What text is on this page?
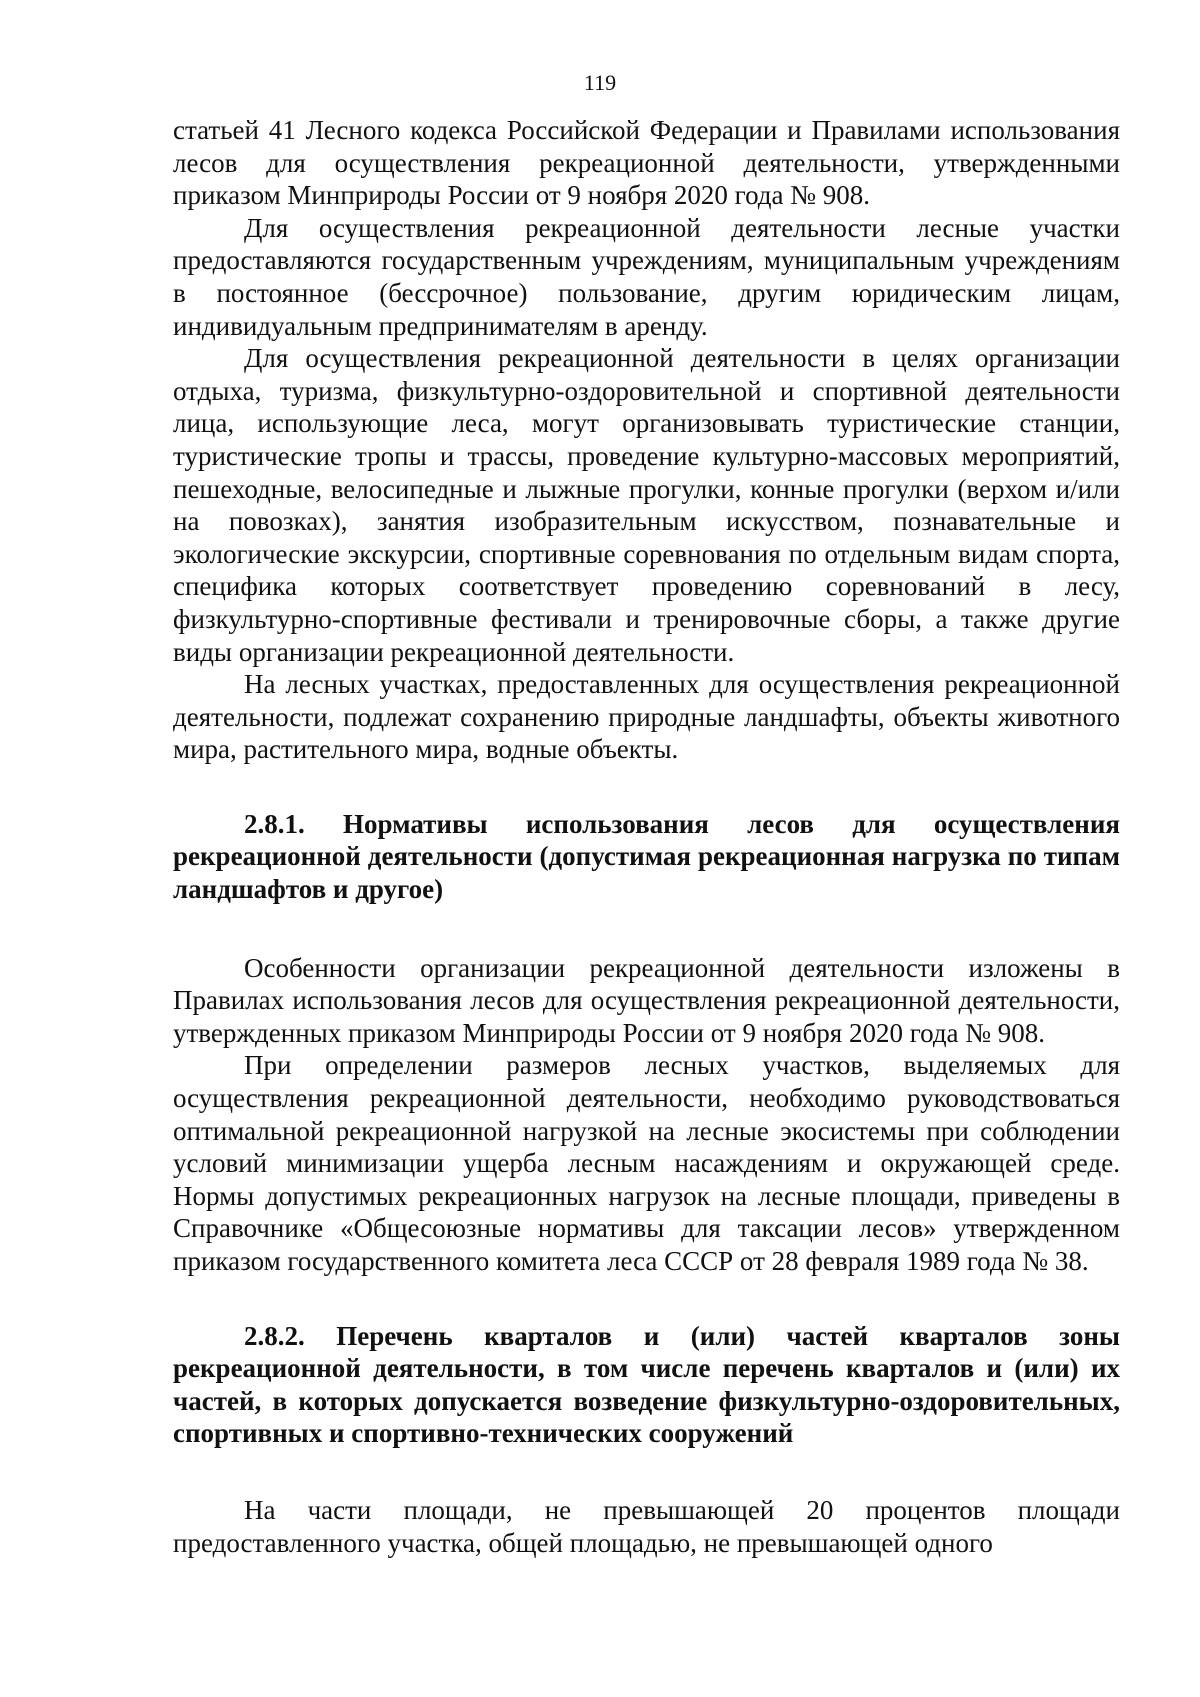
119

статьей 41 Лесного кодекса Российской Федерации и Правилами использования лесов для осуществления рекреационной деятельности, утвержденными приказом Минприроды России от 9 ноября 2020 года № 908.

Для осуществления рекреационной деятельности лесные участки предоставляются государственным учреждениям, муниципальным учреждениям в постоянное (бессрочное) пользование, другим юридическим лицам, индивидуальным предпринимателям в аренду.

Для осуществления рекреационной деятельности в целях организации отдыха, туризма, физкультурно-оздоровительной и спортивной деятельности лица, использующие леса, могут организовывать туристические станции, туристические тропы и трассы, проведение культурно-массовых мероприятий, пешеходные, велосипедные и лыжные прогулки, конные прогулки (верхом и/или на повозках), занятия изобразительным искусством, познавательные и экологические экскурсии, спортивные соревнования по отдельным видам спорта, специфика которых соответствует проведению соревнований в лесу, физкультурно-спортивные фестивали и тренировочные сборы, а также другие виды организации рекреационной деятельности.

На лесных участках, предоставленных для осуществления рекреационной деятельности, подлежат сохранению природные ландшафты, объекты животного мира, растительного мира, водные объекты.

2.8.1. Нормативы использования лесов для осуществления рекреационной деятельности (допустимая рекреационная нагрузка по типам ландшафтов и другое)

Особенности организации рекреационной деятельности изложены в Правилах использования лесов для осуществления рекреационной деятельности, утвержденных приказом Минприроды России от 9 ноября 2020 года № 908.

При определении размеров лесных участков, выделяемых для осуществления рекреационной деятельности, необходимо руководствоваться оптимальной рекреационной нагрузкой на лесные экосистемы при соблюдении условий минимизации ущерба лесным насаждениям и окружающей среде. Нормы допустимых рекреационных нагрузок на лесные площади, приведены в Справочнике «Общесоюзные нормативы для таксации лесов» утвержденном приказом государственного комитета леса СССР от 28 февраля 1989 года № 38.

2.8.2. Перечень кварталов и (или) частей кварталов зоны рекреационной деятельности, в том числе перечень кварталов и (или) их частей, в которых допускается возведение физкультурно-оздоровительных, спортивных и спортивно-технических сооружений

На части площади, не превышающей 20 процентов площади предоставленного участка, общей площадью, не превышающей одного
